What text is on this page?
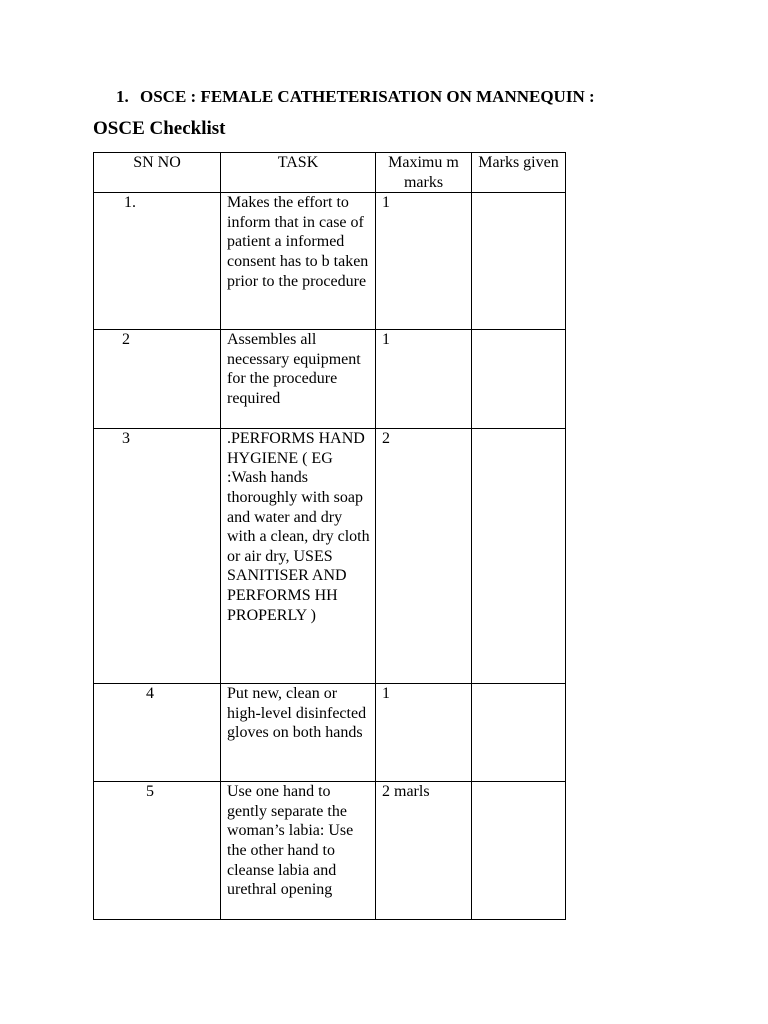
1. OSCE : FEMALE CATHETERISATION ON MANNEQUIN :
OSCE Checklist
SN NO	TASK	Maximu m marks	Marks given

1.	Makes the effort to inform that in case of patient a informed consent has to b taken prior to the procedure	1	

2	Assembles all necessary equipment for the procedure required	1	

3	.PERFORMS HAND HYGIENE ( EG :Wash hands thoroughly with soap and water and dry with a clean, dry cloth or air dry, USES SANITISER AND PERFORMS HH PROPERLY )	2	

4	Put new, clean or high-level disinfected gloves on both hands	1	

5	Use one hand to gently separate the woman’s labia: Use the other hand to cleanse labia and urethral opening	2 marls	
